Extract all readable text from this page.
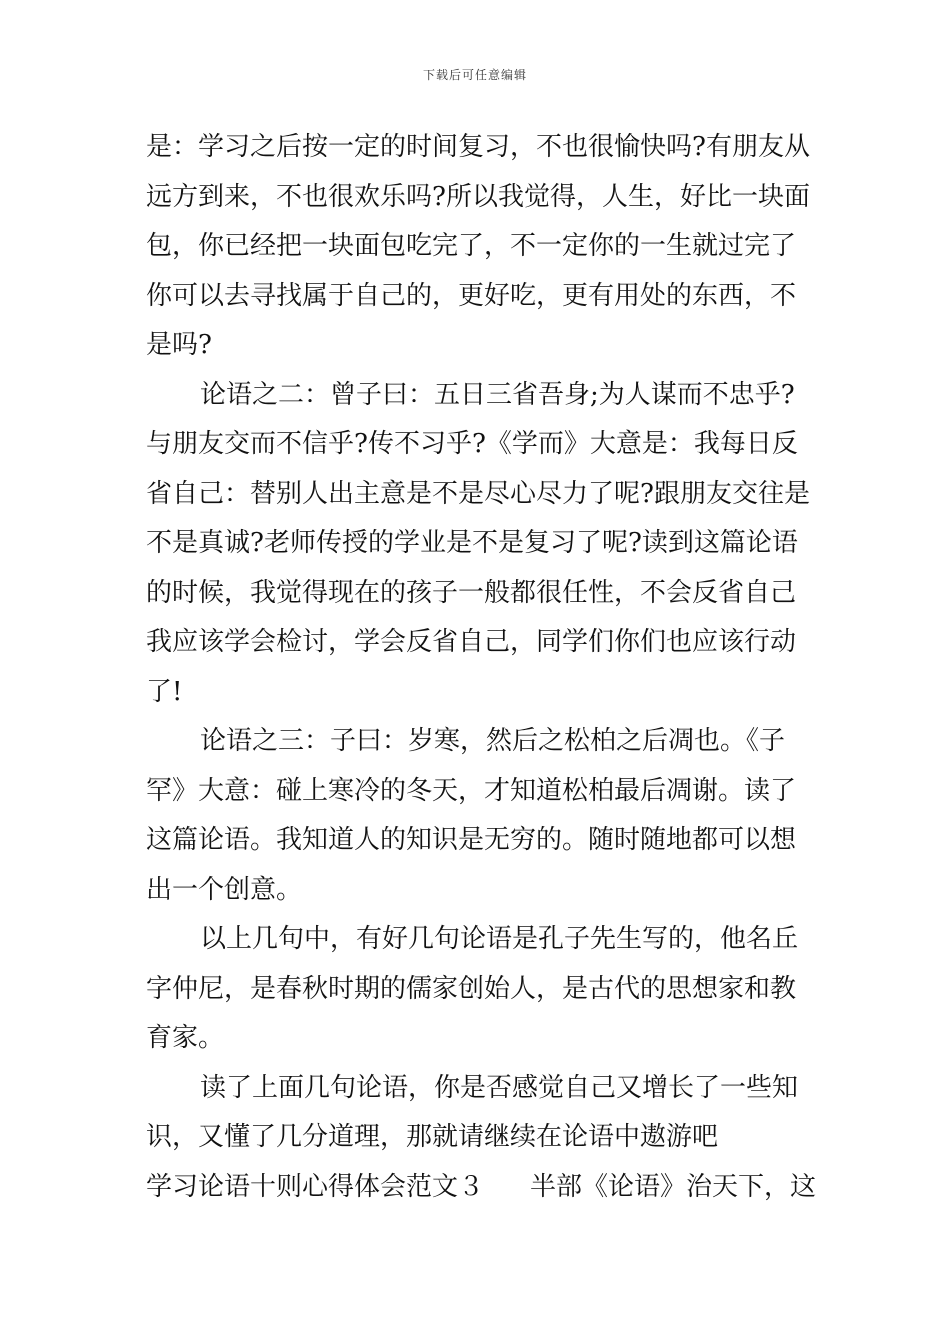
下载后可任意编辑
是：学习之后按一定的时间复习，不也很愉快吗?有朋友从
远方到来，不也很欢乐吗?所以我觉得，人生，好比一块面
包，你已经把一块面包吃完了，不一定你的一生就过完了
你可以去寻找属于自己的，更好吃，更有用处的东西，不
是吗?
论语之二：曾子曰：五日三省吾身;为人谋而不忠乎?
与朋友交而不信乎?传不习乎?《学而》大意是：我每日反
省自己：替别人出主意是不是尽心尽力了呢?跟朋友交往是
不是真诚?老师传授的学业是不是复习了呢?读到这篇论语
的时候，我觉得现在的孩子一般都很任性，不会反省自己
我应该学会检讨，学会反省自己，同学们你们也应该行动
了!
论语之三：子曰：岁寒，然后之松柏之后凋也。《子
罕》大意：碰上寒冷的冬天，才知道松柏最后凋谢。读了
这篇论语。我知道人的知识是无穷的。随时随地都可以想
出一个创意。
以上几句中，有好几句论语是孔子先生写的，他名丘
字仲尼，是春秋时期的儒家创始人，是古代的思想家和教
育家。
读了上面几句论语，你是否感觉自己又增长了一些知
识，又懂了几分道理，那就请继续在论语中遨游吧
学习论语十则心得体会范文３ 半部《论语》治天下，这
